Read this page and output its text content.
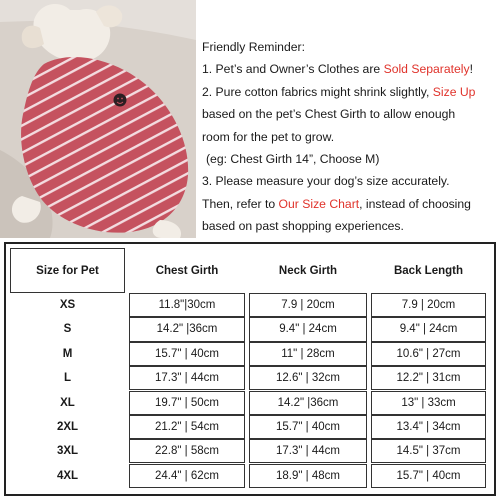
Friendly Reminder:
1. Pet’s and Owner’s Clothes are Sold Separately!
2. Pure cotton fabrics might shrink slightly, Size Up
based on the pet’s Chest Girth to allow enough
room for the pet to grow.
(eg: Chest Girth 14”, Choose M)
3. Please measure your dog’s size accurately.
Then, refer to Our Size Chart, instead of choosing
based on past shopping experiences.
Size for Pet	Chest Girth	Neck Girth	Back Length
XS	11.8"|30cm	7.9 | 20cm	7.9 | 20cm
S	14.2" |36cm	9.4" | 24cm	9.4" | 24cm
M	15.7" | 40cm	11" | 28cm	10.6" | 27cm
L	17.3" | 44cm	12.6" | 32cm	12.2" | 31cm
XL	19.7" | 50cm	14.2" |36cm	13" | 33cm
2XL	21.2" | 54cm	15.7" | 40cm	13.4" | 34cm
3XL	22.8" | 58cm	17.3" | 44cm	14.5" | 37cm
4XL	24.4" | 62cm	18.9" | 48cm	15.7" | 40cm
